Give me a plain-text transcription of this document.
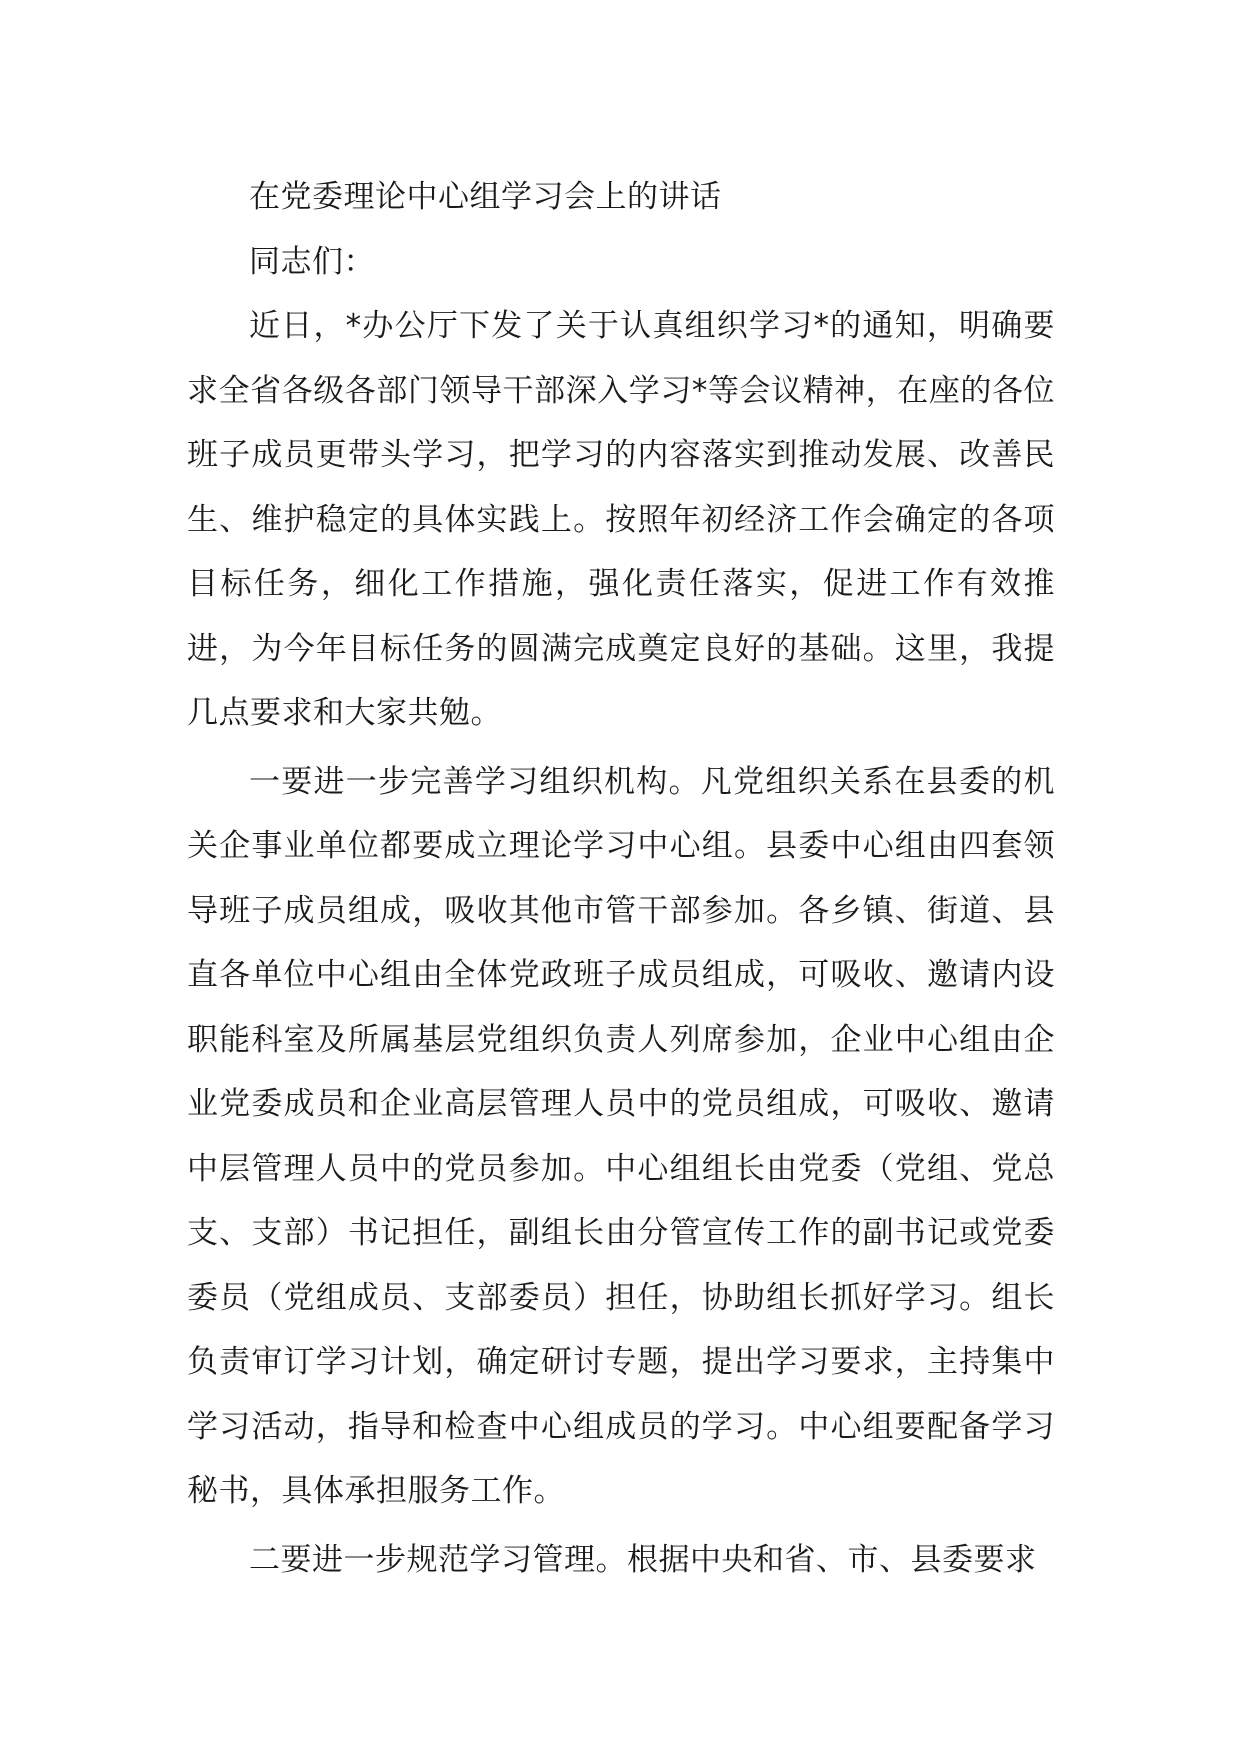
在党委理论中心组学习会上的讲话

同志们：

近日，*办公厅下发了关于认真组织学习*的通知，明确要求全省各级各部门领导干部深入学习*等会议精神，在座的各位班子成员更带头学习，把学习的内容落实到推动发展、改善民生、维护稳定的具体实践上。按照年初经济工作会确定的各项目标任务，细化工作措施，强化责任落实，促进工作有效推进，为今年目标任务的圆满完成奠定良好的基础。这里，我提几点要求和大家共勉。

一要进一步完善学习组织机构。凡党组织关系在县委的机关企事业单位都要成立理论学习中心组。县委中心组由四套领导班子成员组成，吸收其他市管干部参加。各乡镇、街道、县直各单位中心组由全体党政班子成员组成，可吸收、邀请内设职能科室及所属基层党组织负责人列席参加，企业中心组由企业党委成员和企业高层管理人员中的党员组成，可吸收、邀请中层管理人员中的党员参加。中心组组长由党委（党组、党总支、支部）书记担任，副组长由分管宣传工作的副书记或党委委员（党组成员、支部委员）担任，协助组长抓好学习。组长负责审订学习计划，确定研讨专题，提出学习要求，主持集中学习活动，指导和检查中心组成员的学习。中心组要配备学习秘书，具体承担服务工作。

二要进一步规范学习管理。根据中央和省、市、县委要求
